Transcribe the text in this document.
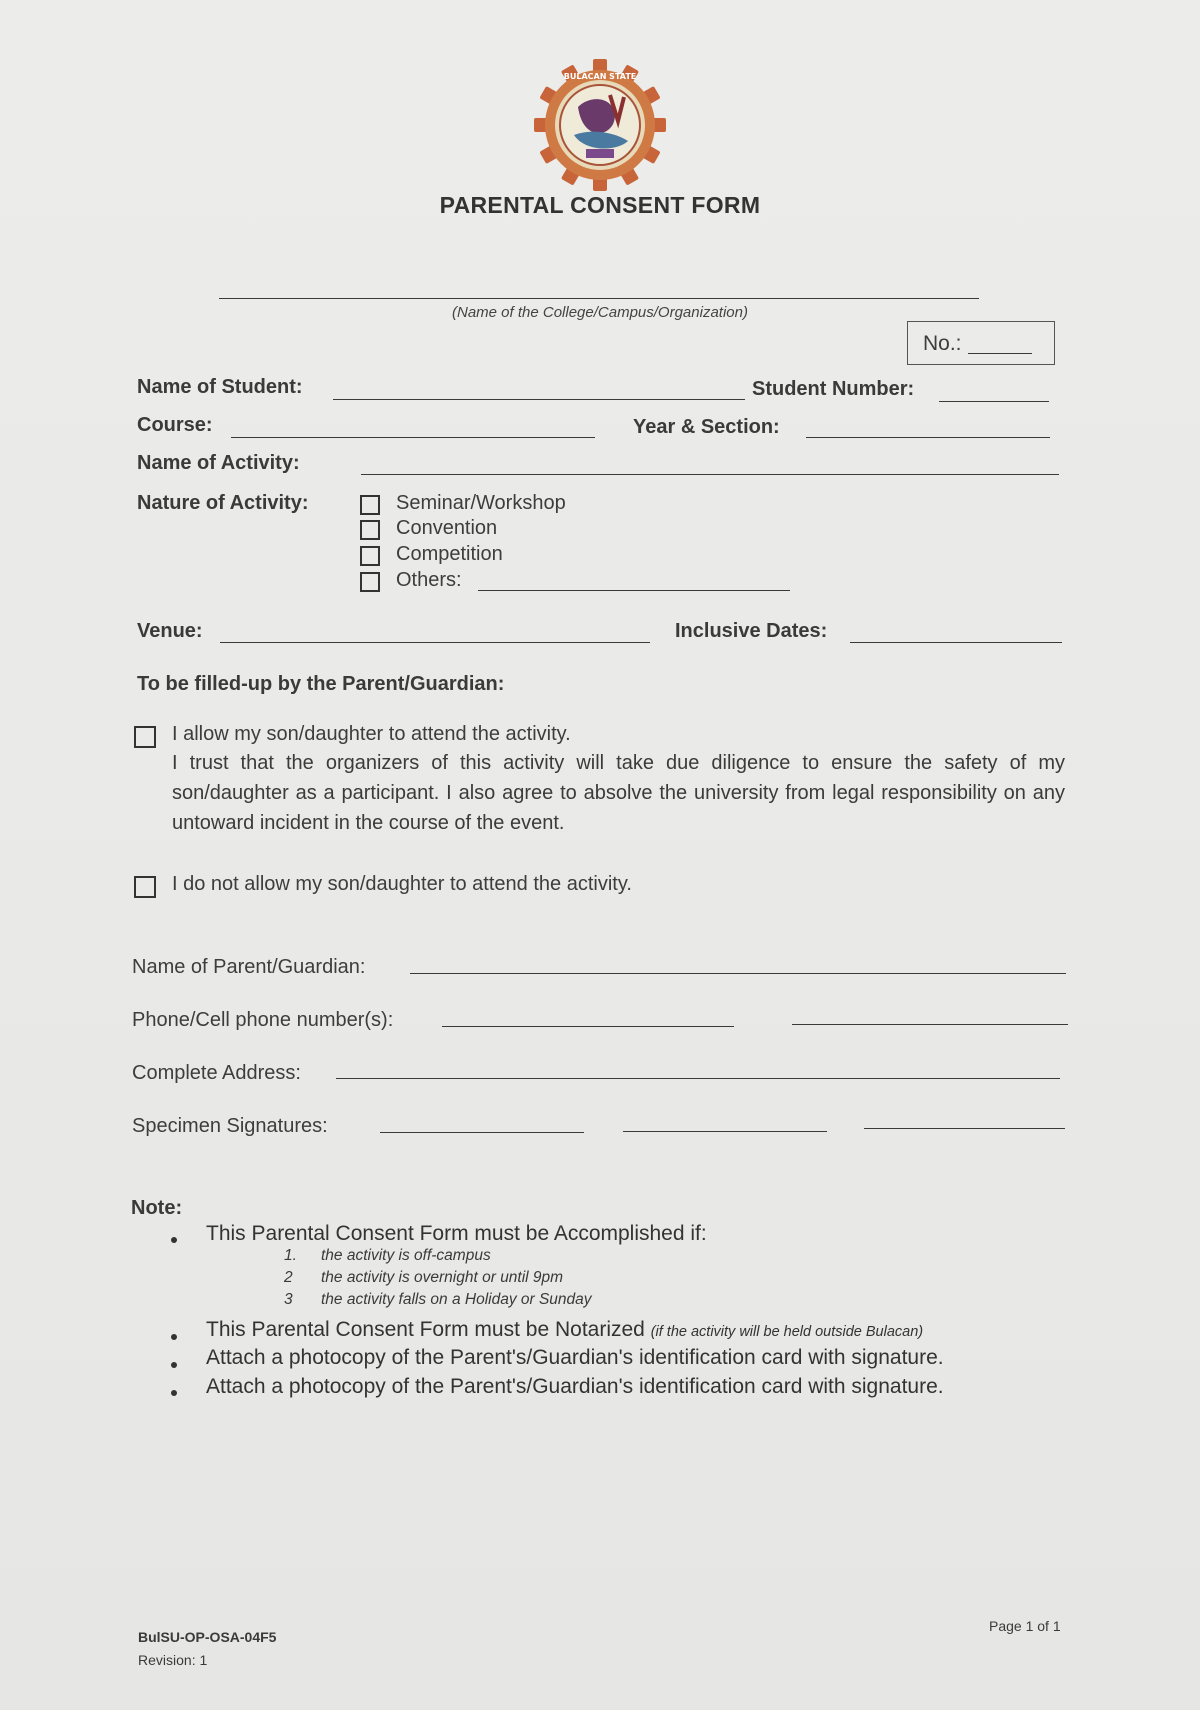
BULACAN STATE
PARENTAL CONSENT FORM
(Name of the College/Campus/Organization)
No.:
Name of Student:	Student Number:
Course:	Year & Section:
Name of Activity:
Nature of Activity:	Seminar/Workshop
Convention
Competition
Others:
Venue:	Inclusive Dates:
To be filled-up by the Parent/Guardian:
I allow my son/daughter to attend the activity.
I trust that the organizers of this activity will take due diligence to ensure the safety of my son/daughter as a participant. I also agree to absolve the university from legal responsibility on any untoward incident in the course of the event.
I do not allow my son/daughter to attend the activity.
Name of Parent/Guardian:
Phone/Cell phone number(s):
Complete Address:
Specimen Signatures:
Note:
This Parental Consent Form must be Accomplished if:
1. the activity is off-campus
2 the activity is overnight or until 9pm
3 the activity falls on a Holiday or Sunday
This Parental Consent Form must be Notarized (if the activity will be held outside Bulacan)
Attach a photocopy of the Parent's/Guardian's identification card with signature.
Attach a photocopy of the Parent's/Guardian's identification card with signature.
BulSU-OP-OSA-04F5
Revision: 1
Page 1 of 1
